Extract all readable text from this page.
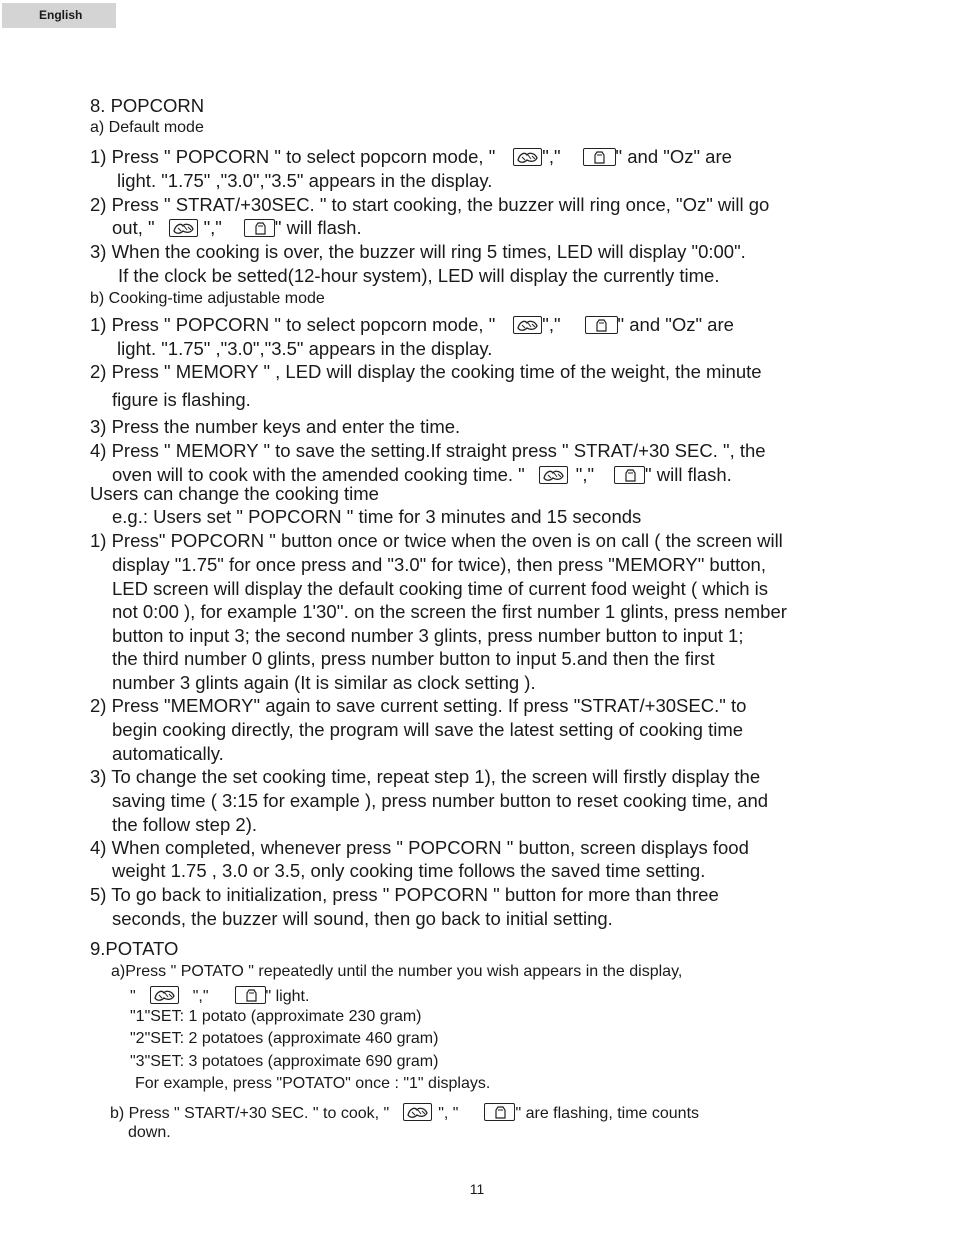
English
8. POPCORN
a) Default mode
1) Press " POPCORN " to select popcorn mode, "	","	" and "Oz" are
light. "1.75" ,"3.0","3.5" appears in the display.
2) Press " STRAT/+30SEC. " to start cooking, the buzzer will ring once, "Oz" will go
out, "	","	" will flash.
3) When the cooking is over, the buzzer will ring 5 times, LED will display "0:00".
If the clock be setted(12-hour system), LED will display the currently time.
b) Cooking-time adjustable mode
1) Press " POPCORN " to select popcorn mode, "	","	" and "Oz" are
light. "1.75" ,"3.0","3.5" appears in the display.
2) Press " MEMORY " , LED will display the cooking time of the weight, the minute
figure is flashing.
3) Press the number keys and enter the time.
4) Press " MEMORY " to save the setting.If straight press " STRAT/+30 SEC. ", the
oven will to cook with the amended cooking time. "	","	" will flash.
Users can change the cooking time
e.g.: Users set " POPCORN " time for 3 minutes and 15 seconds
1) Press" POPCORN " button once or twice when the oven is on call ( the screen will
display "1.75" for once press and "3.0" for twice), then press "MEMORY" button,
LED screen will display the default cooking time of current food weight ( which is
not 0:00 ), for example 1'30''. on the screen the first number 1 glints, press nember
button to input 3; the second number 3 glints, press number button to input 1;
the third number 0 glints, press number button to input 5.and then the first
number 3 glints again (It is similar as clock setting ).
2) Press "MEMORY" again to save current setting. If press "STRAT/+30SEC." to
begin cooking directly, the program will save the latest setting of cooking time
automatically.
3) To change the set cooking time, repeat step 1), the screen will firstly display the
saving time ( 3:15 for example ), press number button to reset cooking time, and
the follow step 2).
4) When completed, whenever press " POPCORN " button, screen displays food
weight 1.75 , 3.0 or 3.5, only cooking time follows the saved time setting.
5) To go back to initialization, press " POPCORN " button for more than three
seconds, the buzzer will sound, then go back to initial setting.
9.POTATO
a)Press " POTATO " repeatedly until the number you wish appears in the display,
"	","	" light.
"1"SET: 1 potato (approximate 230 gram)
"2"SET: 2 potatoes (approximate 460 gram)
"3"SET: 3 potatoes (approximate 690 gram)
For example, press "POTATO" once : "1" displays.
b) Press " START/+30 SEC. " to cook, "	", "	" are flashing, time counts
down.
11
